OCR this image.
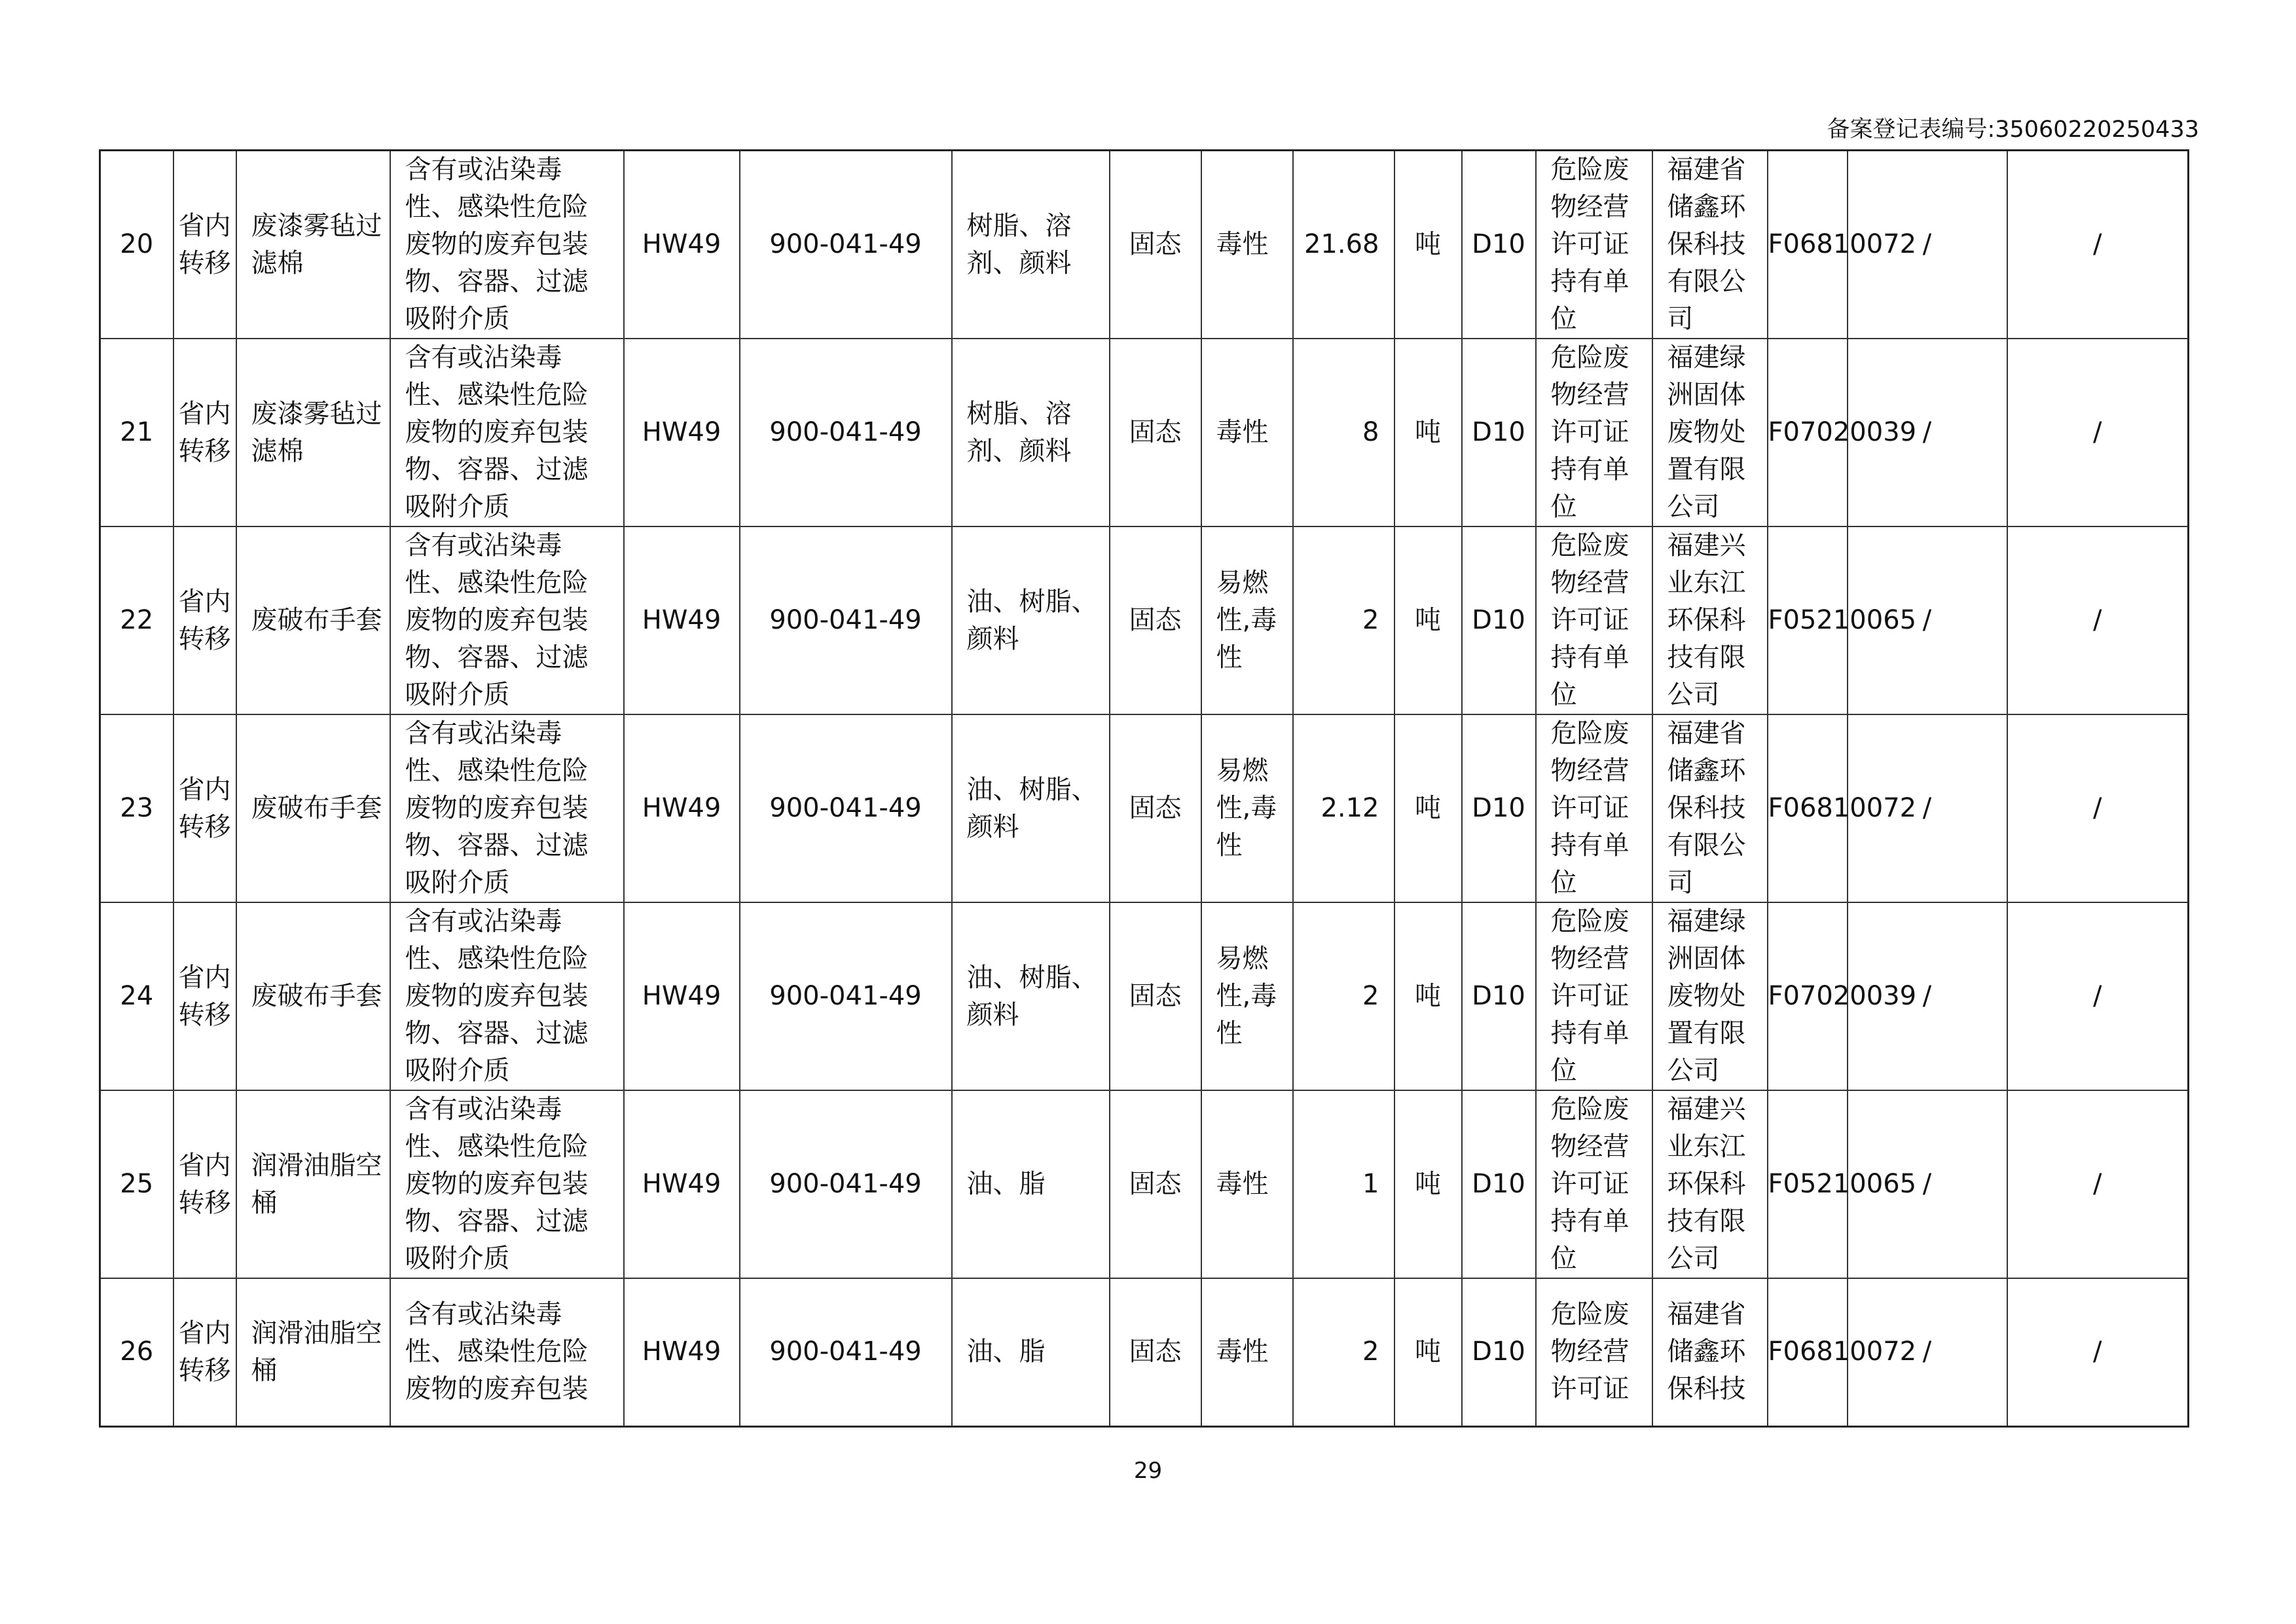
备案登记表编号:35060220250433
20	省内转移	废漆雾毡过滤棉	含有或沾染毒性、感染性危险废物的废弃包装物、容器、过滤吸附介质	HW49	900-041-49	树脂、溶剂、颜料	固态	毒性	21.68	吨	D10	危险废物经营许可证持有单位	福建省储鑫环保科技有限公司	F06810072	/	/
21	省内转移	废漆雾毡过滤棉	含有或沾染毒性、感染性危险废物的废弃包装物、容器、过滤吸附介质	HW49	900-041-49	树脂、溶剂、颜料	固态	毒性	8	吨	D10	危险废物经营许可证持有单位	福建绿洲固体废物处置有限公司	F07020039	/	/
22	省内转移	废破布手套	含有或沾染毒性、感染性危险废物的废弃包装物、容器、过滤吸附介质	HW49	900-041-49	油、树脂、颜料	固态	易燃性,毒性	2	吨	D10	危险废物经营许可证持有单位	福建兴业东江环保科技有限公司	F05210065	/	/
23	省内转移	废破布手套	含有或沾染毒性、感染性危险废物的废弃包装物、容器、过滤吸附介质	HW49	900-041-49	油、树脂、颜料	固态	易燃性,毒性	2.12	吨	D10	危险废物经营许可证持有单位	福建省储鑫环保科技有限公司	F06810072	/	/
24	省内转移	废破布手套	含有或沾染毒性、感染性危险废物的废弃包装物、容器、过滤吸附介质	HW49	900-041-49	油、树脂、颜料	固态	易燃性,毒性	2	吨	D10	危险废物经营许可证持有单位	福建绿洲固体废物处置有限公司	F07020039	/	/
25	省内转移	润滑油脂空桶	含有或沾染毒性、感染性危险废物的废弃包装物、容器、过滤吸附介质	HW49	900-041-49	油、脂	固态	毒性	1	吨	D10	危险废物经营许可证持有单位	福建兴业东江环保科技有限公司	F05210065	/	/
26	省内转移	润滑油脂空桶	含有或沾染毒性、感染性危险废物的废弃包装	HW49	900-041-49	油、脂	固态	毒性	2	吨	D10	危险废物经营许可证	福建省储鑫环保科技	F06810072	/	/
29
